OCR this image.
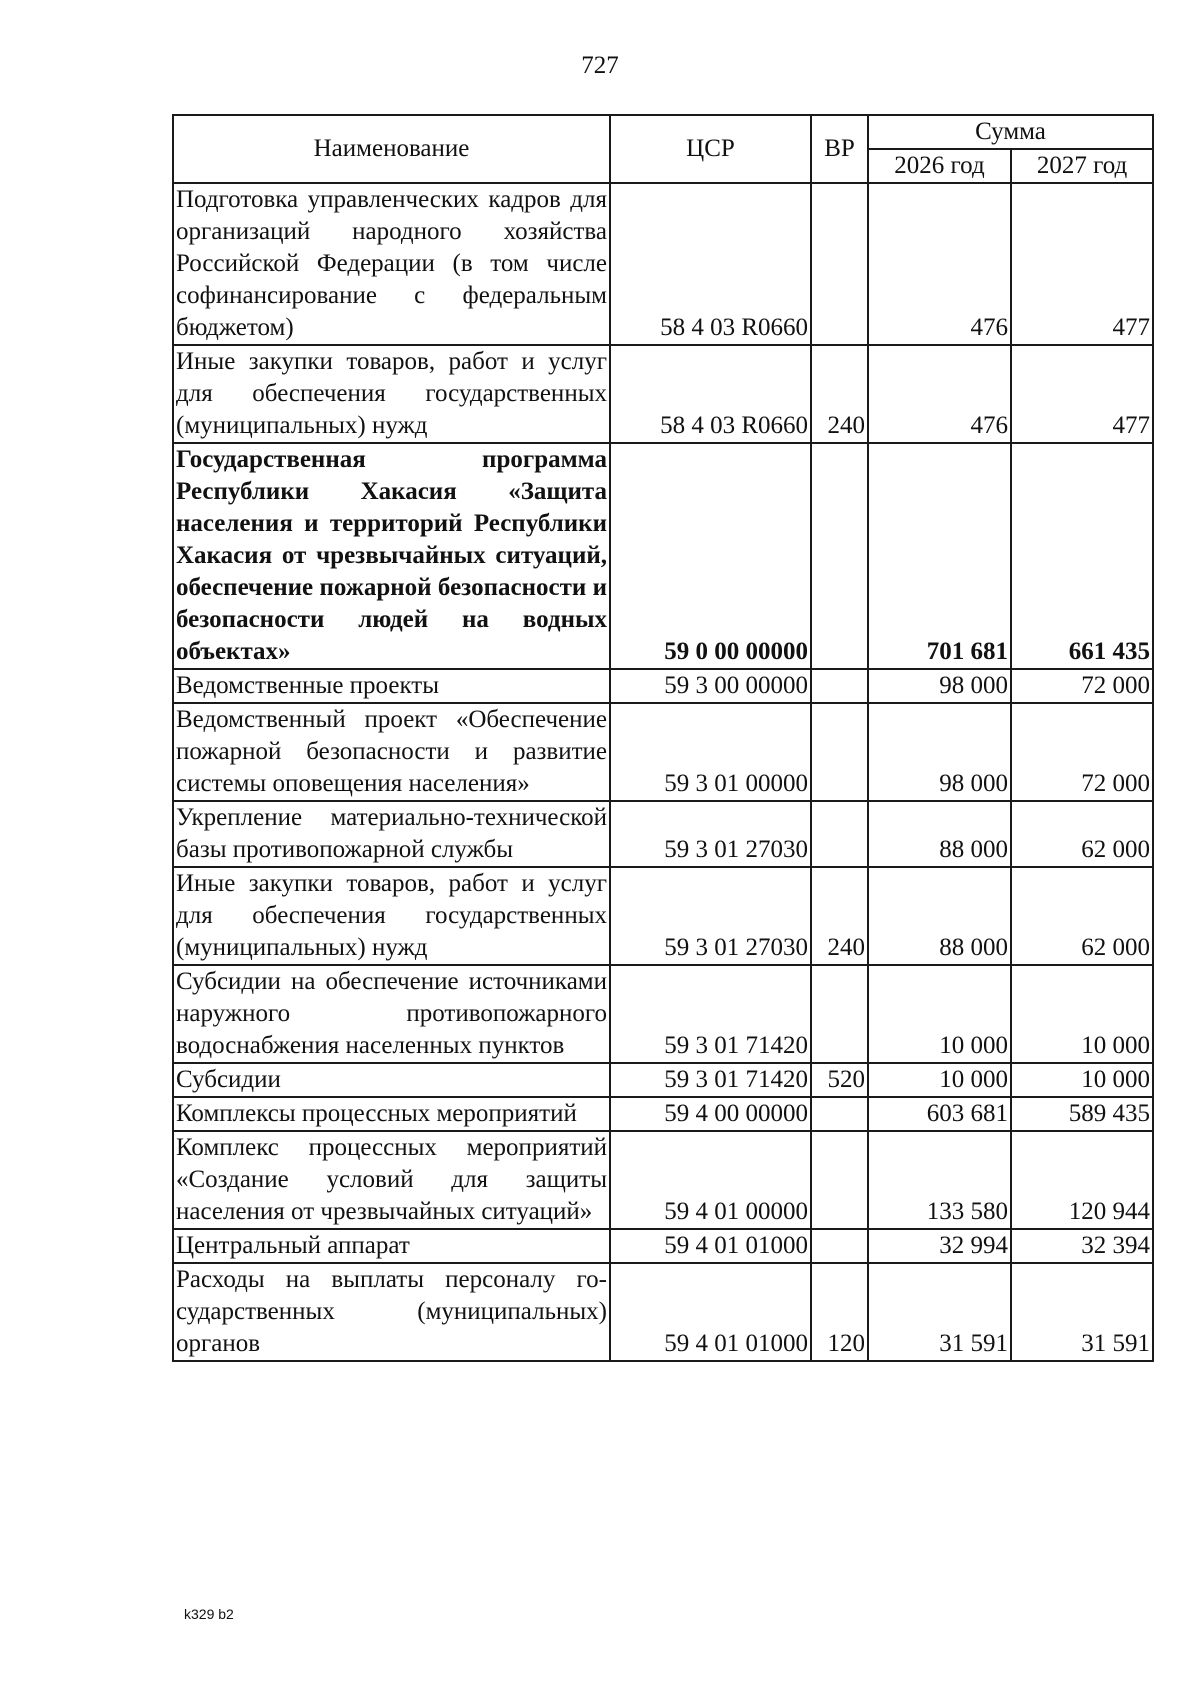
727
Наименование	ЦСР	ВР	Сумма	
			2026 год	2027 год
Подготовка управленческих кадров для организаций народного хозяйства Российской Федерации (в том числе софинансирование с федеральным бюджетом)	58 4 03 R0660		476	477
Иные закупки товаров, работ и услуг для обеспечения государственных (муниципальных) нужд	58 4 03 R0660	240	476	477
Государственная программа Республики Хакасия «Защита населения и территорий Республики Хакасия от чрезвычайных ситуаций, обеспечение пожарной безопасности и безопасности людей на водных объектах»	59 0 00 00000		701 681	661 435
Ведомственные проекты	59 3 00 00000		98 000	72 000
Ведомственный проект «Обеспечение пожарной безопасности и развитие системы оповещения населения»	59 3 01 00000		98 000	72 000
Укрепление материально-технической базы противопожарной службы	59 3 01 27030		88 000	62 000
Иные закупки товаров, работ и услуг для обеспечения государственных (муниципальных) нужд	59 3 01 27030	240	88 000	62 000
Субсидии на обеспечение источниками наружного противопожарного водоснабжения населенных пунктов	59 3 01 71420		10 000	10 000
Субсидии	59 3 01 71420	520	10 000	10 000
Комплексы процессных мероприятий	59 4 00 00000		603 681	589 435
Комплекс процессных мероприятий «Создание условий для защиты населения от чрезвычайных ситуаций»	59 4 01 00000		133 580	120 944
Центральный аппарат	59 4 01 01000		32 994	32 394
Расходы на выплаты персоналу государственных (муниципальных) органов	59 4 01 01000	120	31 591	31 591
k329 b2
